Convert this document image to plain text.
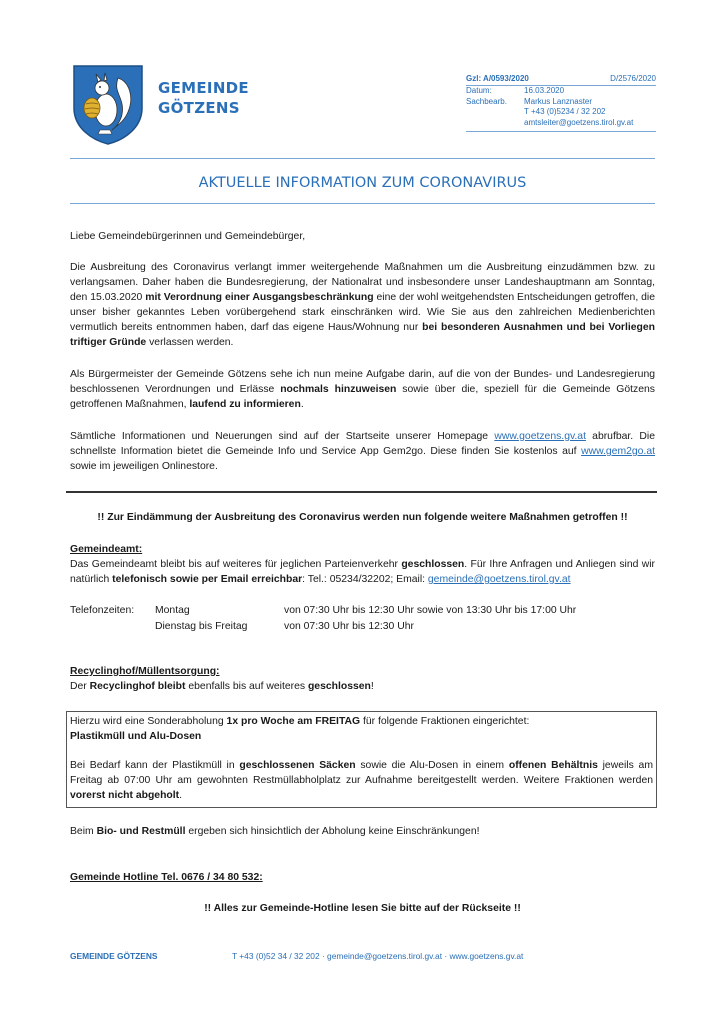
GEMEINDE
GÖTZENS
Gzl: A/0593/2020	D/2576/2020
Datum:	16.03.2020
Sachbearb.	Markus Lanznaster
T +43 (0)5234 / 32 202
amtsleiter@goetzens.tirol.gv.at
AKTUELLE INFORMATION ZUM CORONAVIRUS
Liebe Gemeindebürgerinnen und Gemeindebürger,
Die Ausbreitung des Coronavirus verlangt immer weitergehende Maßnahmen um die Ausbreitung einzudämmen bzw. zu verlangsamen. Daher haben die Bundesregierung, der Nationalrat und insbesondere unser Landeshauptmann am Sonntag, den 15.03.2020 mit Verordnung einer Ausgangsbeschränkung eine der wohl weitgehendsten Entscheidungen getroffen, die unser bisher gekanntes Leben vorübergehend stark einschränken wird. Wie Sie aus den zahlreichen Medienberichten vermutlich bereits entnommen haben, darf das eigene Haus/Wohnung nur bei besonderen Ausnahmen und bei Vorliegen triftiger Gründe verlassen werden.
Als Bürgermeister der Gemeinde Götzens sehe ich nun meine Aufgabe darin, auf die von der Bundes- und Landesregierung beschlossenen Verordnungen und Erlässe nochmals hinzuweisen sowie über die, speziell für die Gemeinde Götzens getroffenen Maßnahmen, laufend zu informieren.
Sämtliche Informationen und Neuerungen sind auf der Startseite unserer Homepage www.goetzens.gv.at abrufbar. Die schnellste Information bietet die Gemeinde Info und Service App Gem2go. Diese finden Sie kostenlos auf www.gem2go.at sowie im jeweiligen Onlinestore.
!! Zur Eindämmung der Ausbreitung des Coronavirus werden nun folgende weitere Maßnahmen getroffen !!
Gemeindeamt:
Das Gemeindeamt bleibt bis auf weiteres für jeglichen Parteienverkehr geschlossen. Für Ihre Anfragen und Anliegen sind wir natürlich telefonisch sowie per Email erreichbar: Tel.: 05234/32202; Email: gemeinde@goetzens.tirol.gv.at
Telefonzeiten: Montag	von 07:30 Uhr bis 12:30 Uhr sowie von 13:30 Uhr bis 17:00 Uhr
Dienstag bis Freitag	von 07:30 Uhr bis 12:30 Uhr
Recyclinghof/Müllentsorgung:
Der Recyclinghof bleibt ebenfalls bis auf weiteres geschlossen!
Hierzu wird eine Sonderabholung 1x pro Woche am FREITAG für folgende Fraktionen eingerichtet:
Plastikmüll und Alu-Dosen
Bei Bedarf kann der Plastikmüll in geschlossenen Säcken sowie die Alu-Dosen in einem offenen Behältnis jeweils am Freitag ab 07:00 Uhr am gewohnten Restmüllabholplatz zur Aufnahme bereitgestellt werden. Weitere Fraktionen werden vorerst nicht abgeholt.
Beim Bio- und Restmüll ergeben sich hinsichtlich der Abholung keine Einschränkungen!
Gemeinde Hotline Tel. 0676 / 34 80 532:
!! Alles zur Gemeinde-Hotline lesen Sie bitte auf der Rückseite !!
GEMEINDE GÖTZENS	T +43 (0)52 34 / 32 202 · gemeinde@goetzens.tirol.gv.at · www.goetzens.gv.at
